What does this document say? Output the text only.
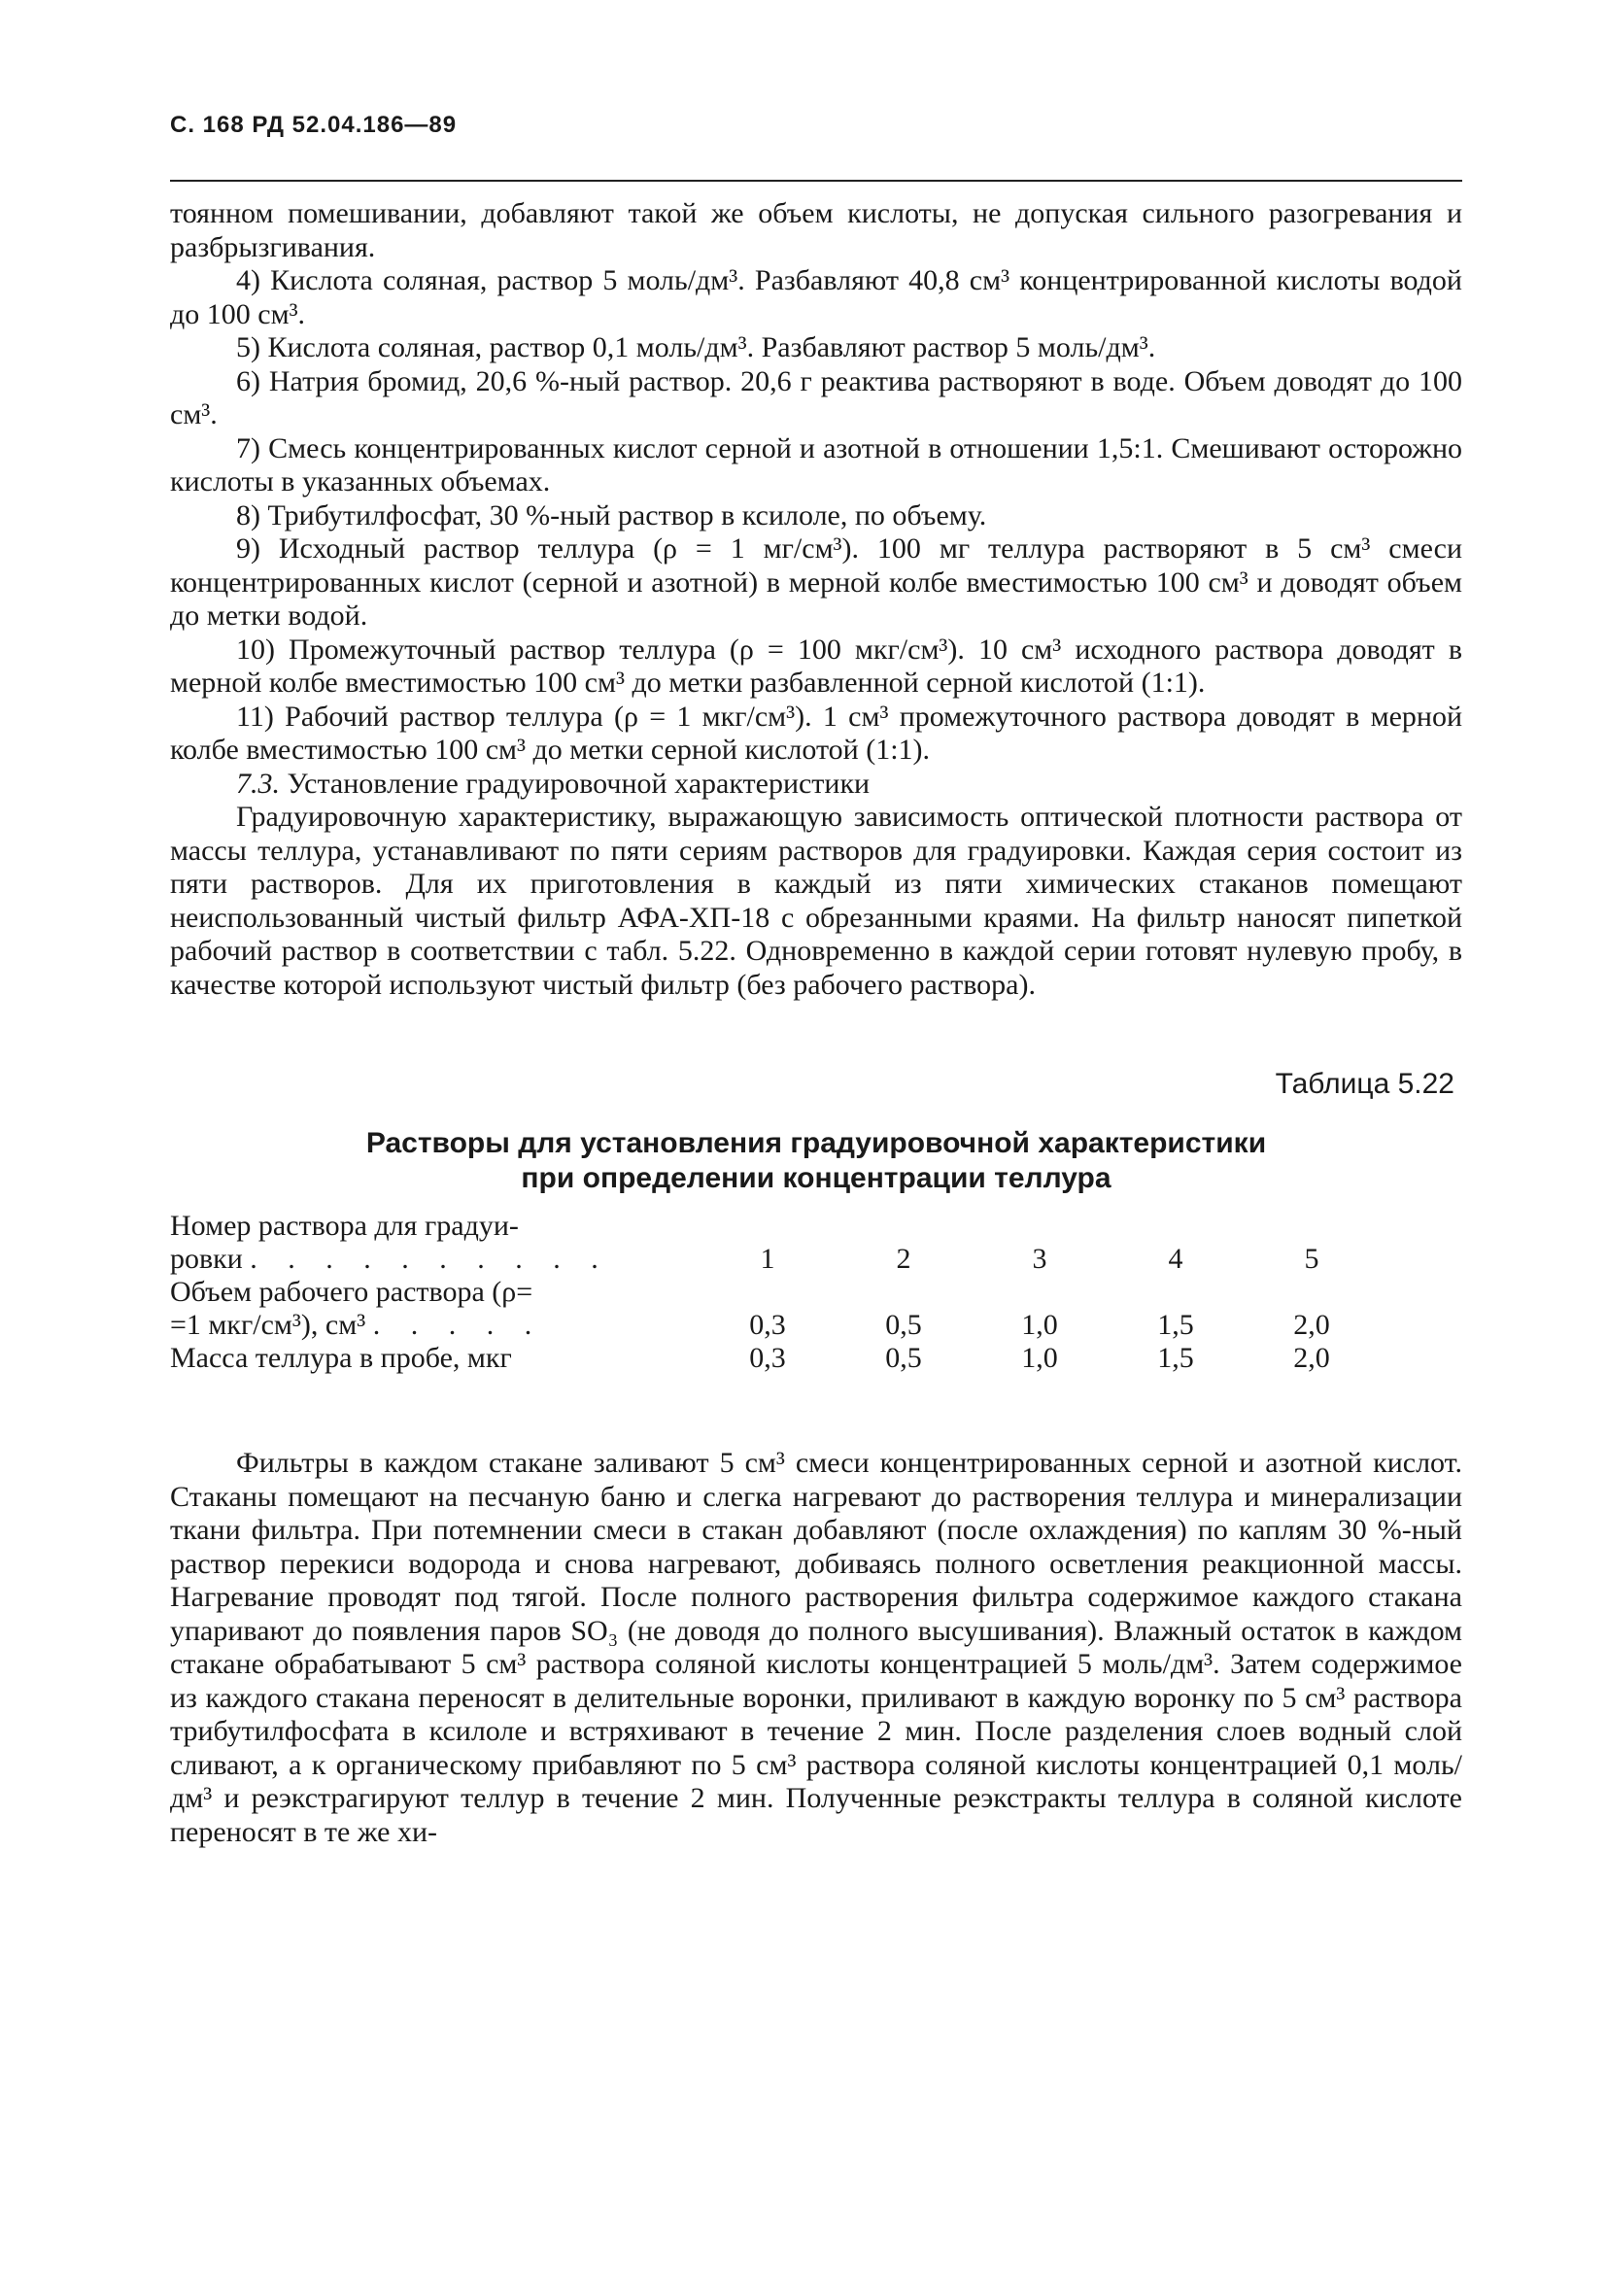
С. 168 РД 52.04.186—89

тоянном помешивании, добавляют такой же объем кислоты, не допуская сильного разогревания и разбрызгивания.

4) Кислота соляная, раствор 5 моль/дм³. Разбавляют 40,8 см³ концентрированной кислоты водой до 100 см³.

5) Кислота соляная, раствор 0,1 моль/дм³. Разбавляют раствор 5 моль/дм³.

6) Натрия бромид, 20,6 %-ный раствор. 20,6 г реактива растворяют в воде. Объем доводят до 100 см³.

7) Смесь концентрированных кислот серной и азотной в отношении 1,5:1. Смешивают осторожно кислоты в указанных объемах.

8) Трибутилфосфат, 30 %-ный раствор в ксилоле, по объему.

9) Исходный раствор теллура (ρ = 1 мг/см³). 100 мг теллура растворяют в 5 см³ смеси концентрированных кислот (серной и азотной) в мерной колбе вместимостью 100 см³ и доводят объем до метки водой.

10) Промежуточный раствор теллура (ρ = 100 мкг/см³). 10 см³ исходного раствора доводят в мерной колбе вместимостью 100 см³ до метки разбавленной серной кислотой (1:1).

11) Рабочий раствор теллура (ρ = 1 мкг/см³). 1 см³ промежуточного раствора доводят в мерной колбе вместимостью 100 см³ до метки серной кислотой (1:1).

7.3. Установление градуировочной характеристики

Градуировочную характеристику, выражающую зависимость оптической плотности раствора от массы теллура, устанавливают по пяти сериям растворов для градуировки. Каждая серия состоит из пяти растворов. Для их приготовления в каждый из пяти химических стаканов помещают неиспользованный чистый фильтр АФА-ХП-18 с обрезанными краями. На фильтр наносят пипеткой рабочий раствор в соответствии с табл. 5.22. Одновременно в каждой серии готовят нулевую пробу, в качестве которой используют чистый фильтр (без рабочего раствора).

Таблица 5.22
Растворы для установления градуировочной характеристики
при определении концентрации теллура
Номер раствора для градуи-
ровки . . . . . . . . . .	1	2	3	4	5

Объем рабочего раствора (ρ=
=1 мкг/см³), см³ . . . . .	0,3	0,5	1,0	1,5	2,0
Масса теллура в пробе, мкг	0,3	0,5	1,0	1,5	2,0

Фильтры в каждом стакане заливают 5 см³ смеси концентрированных серной и азотной кислот. Стаканы помещают на песчаную баню и слегка нагревают до растворения теллура и минерализации ткани фильтра. При потемнении смеси в стакан добавляют (после охлаждения) по каплям 30 %-ный раствор перекиси водорода и снова нагревают, добиваясь полного осветления реакционной массы. Нагревание проводят под тягой. После полного растворения фильтра содержимое каждого стакана упаривают до появления паров SO₃ (не доводя до полного высушивания). Влажный остаток в каждом стакане обрабатывают 5 см³ раствора соляной кислоты концентрацией 5 моль/дм³. Затем содержимое из каждого стакана переносят в делительные воронки, приливают в каждую воронку по 5 см³ раствора трибутилфосфата в ксилоле и встряхивают в течение 2 мин. После разделения слоев водный слой сливают, а к органическому прибавляют по 5 см³ раствора соляной кислоты концентрацией 0,1 моль/дм³ и реэкстрагируют теллур в течение 2 мин. Полученные реэкстракты теллура в соляной кислоте переносят в те же хи-
